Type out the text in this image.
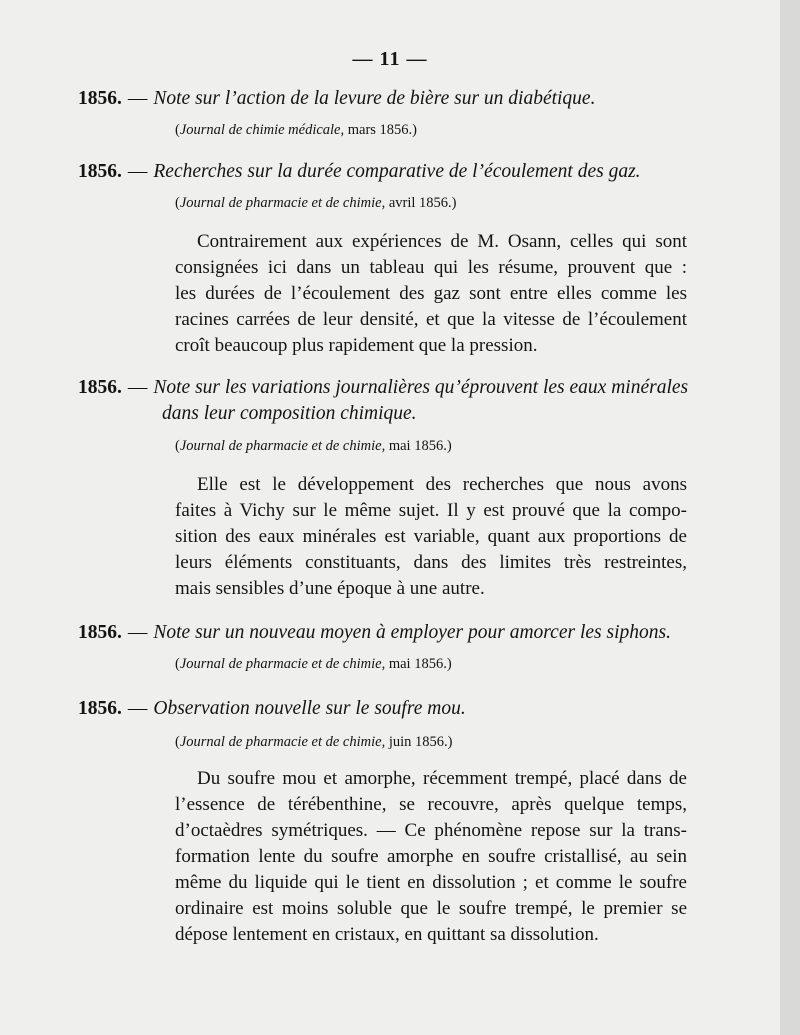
— 11 —
1856. — Note sur l’action de la levure de bière sur un diabétique.
(Journal de chimie médicale, mars 1856.)
1856. — Recherches sur la durée comparative de l’écoulement des gaz.
(Journal de pharmacie et de chimie, avril 1856.)
Contrairement aux expériences de M. Osann, celles qui sont
consignées ici dans un tableau qui les résume, prouvent que :
les durées de l’écoulement des gaz sont entre elles comme les
racines carrées de leur densité, et que la vitesse de l’écoulement
croît beaucoup plus rapidement que la pression.
1856. — Note sur les variations journalières qu’éprouvent les eaux minérales
dans leur composition chimique.
(Journal de pharmacie et de chimie, mai 1856.)
Elle est le développement des recherches que nous avons
faites à Vichy sur le même sujet. Il y est prouvé que la compo-
sition des eaux minérales est variable, quant aux proportions de
leurs éléments constituants, dans des limites très restreintes,
mais sensibles d’une époque à une autre.
1856. — Note sur un nouveau moyen à employer pour amorcer les siphons.
(Journal de pharmacie et de chimie, mai 1856.)
1856. — Observation nouvelle sur le soufre mou.
(Journal de pharmacie et de chimie, juin 1856.)
Du soufre mou et amorphe, récemment trempé, placé dans de
l’essence de térébenthine, se recouvre, après quelque temps,
d’octaèdres symétriques. — Ce phénomène repose sur la trans-
formation lente du soufre amorphe en soufre cristallisé, au sein
même du liquide qui le tient en dissolution ; et comme le soufre
ordinaire est moins soluble que le soufre trempé, le premier se
dépose lentement en cristaux, en quittant sa dissolution.
